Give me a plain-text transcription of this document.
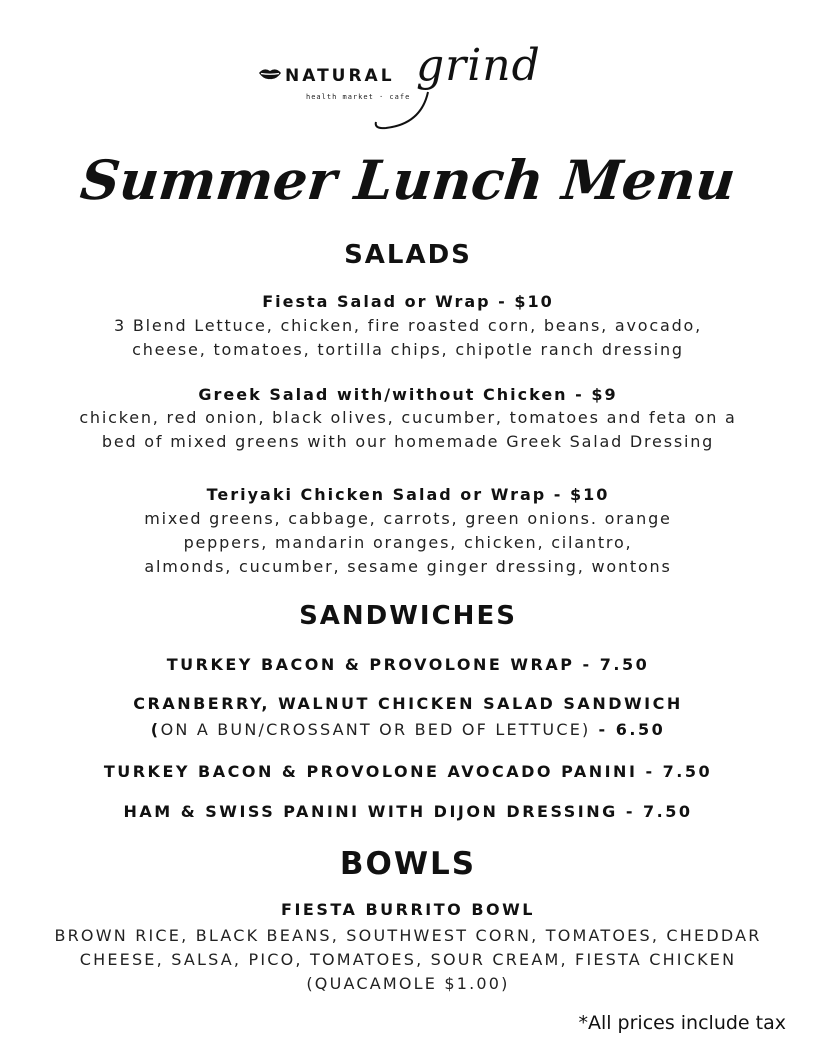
NATURAL grind
health market · cafe
Summer Lunch Menu
SALADS
Fiesta Salad or Wrap - $10
3 Blend Lettuce, chicken, fire roasted corn, beans, avocado,
cheese, tomatoes, tortilla chips, chipotle ranch dressing
Greek Salad with/without Chicken - $9
chicken, red onion, black olives, cucumber, tomatoes and feta on a
bed of mixed greens with our homemade Greek Salad Dressing
Teriyaki Chicken Salad or Wrap - $10
mixed greens, cabbage, carrots, green onions. orange
peppers, mandarin oranges, chicken, cilantro,
almonds, cucumber, sesame ginger dressing, wontons
SANDWICHES
TURKEY BACON & PROVOLONE WRAP - 7.50
CRANBERRY, WALNUT CHICKEN SALAD SANDWICH
(ON A BUN/CROSSANT OR BED OF LETTUCE) - 6.50
TURKEY BACON & PROVOLONE AVOCADO PANINI - 7.50
HAM & SWISS PANINI WITH DIJON DRESSING - 7.50
BOWLS
FIESTA BURRITO BOWL
BROWN RICE, BLACK BEANS, SOUTHWEST CORN, TOMATOES, CHEDDAR
CHEESE, SALSA, PICO, TOMATOES, SOUR CREAM, FIESTA CHICKEN
(QUACAMOLE $1.00)
*All prices include tax
